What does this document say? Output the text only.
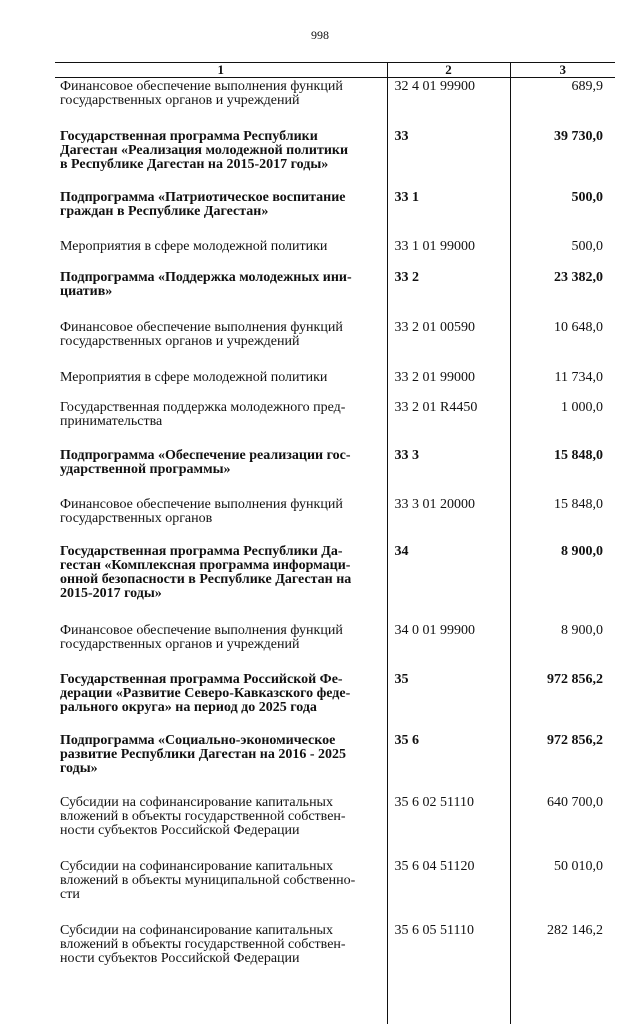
998
1	2	3

Финансовое обеспечение выполнения функций
государственных органов и учреждений	32 4 01 99900	689,9

Государственная программа Республики
Дагестан «Реализация молодежной политики
в Республике Дагестан на 2015-2017 годы»	33	39 730,0

Подпрограмма «Патриотическое воспитание
граждан в Республике Дагестан»	33 1	500,0

Мероприятия в сфере молодежной политики	33 1 01 99000	500,0

Подпрограмма «Поддержка молодежных ини-
циатив»	33 2	23 382,0

Финансовое обеспечение выполнения функций
государственных органов и учреждений	33 2 01 00590	10 648,0

Мероприятия в сфере молодежной политики	33 2 01 99000	11 734,0

Государственная поддержка молодежного пред-
принимательства	33 2 01 R4450	1 000,0

Подпрограмма «Обеспечение реализации гос-
ударственной программы»	33 3	15 848,0

Финансовое обеспечение выполнения функций
государственных органов	33 3 01 20000	15 848,0

Государственная программа Республики Да-
гестан «Комплексная программа информаци-
онной безопасности в Республике Дагестан на
2015-2017 годы»	34	8 900,0

Финансовое обеспечение выполнения функций
государственных органов и учреждений	34 0 01 99900	8 900,0

Государственная программа Российской Фе-
дерации «Развитие Северо-Кавказского феде-
рального округа» на период до 2025 года	35	972 856,2

Подпрограмма «Социально-экономическое
развитие Республики Дагестан на 2016 - 2025
годы»	35 6	972 856,2

Субсидии на софинансирование капитальных
вложений в объекты государственной собствен-
ности субъектов Российской Федерации	35 6 02 51110	640 700,0

Субсидии на софинансирование капитальных
вложений в объекты муниципальной собственно-
сти	35 6 04 51120	50 010,0

Субсидии на софинансирование капитальных
вложений в объекты государственной собствен-
ности субъектов Российской Федерации	35 6 05 51110	282 146,2
